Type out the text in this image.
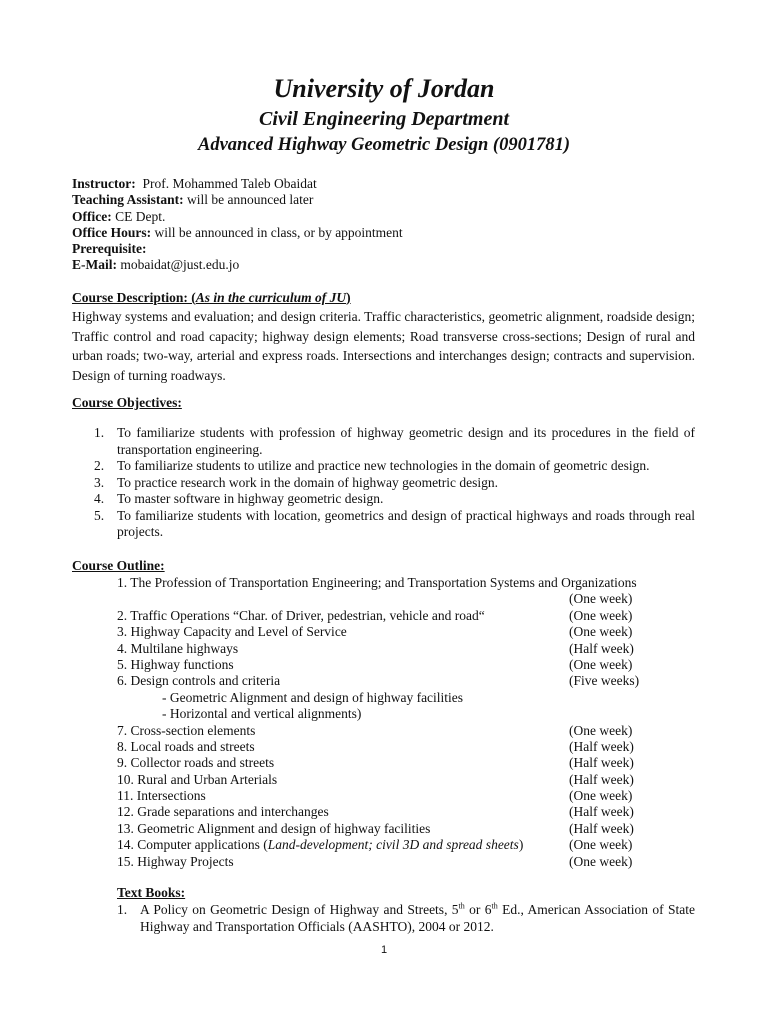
University of Jordan
Civil Engineering Department
Advanced Highway Geometric Design (0901781)
Instructor: Prof. Mohammed Taleb Obaidat
Teaching Assistant: will be announced later
Office: CE Dept.
Office Hours: will be announced in class, or by appointment
Prerequisite:
E-Mail: mobaidat@just.edu.jo
Course Description: (As in the curriculum of JU)

Highway systems and evaluation; and design criteria. Traffic characteristics, geometric alignment, roadside design; Traffic control and road capacity; highway design elements; Road transverse cross-sections; Design of rural and urban roads; two-way, arterial and express roads. Intersections and interchanges design; contracts and supervision. Design of turning roadways.

Course Objectives:
1. To familiarize students with profession of highway geometric design and its procedures in the field of transportation engineering.
2. To familiarize students to utilize and practice new technologies in the domain of geometric design.
3. To practice research work in the domain of highway geometric design.
4. To master software in highway geometric design.
5. To familiarize students with location, geometrics and design of practical highways and roads through real projects.
Course Outline:
1. The Profession of Transportation Engineering; and Transportation Systems and Organizations
(One week)
2. Traffic Operations “Char. of Driver, pedestrian, vehicle and road“	(One week)
3. Highway Capacity and Level of Service	(One week)
4. Multilane highways	(Half week)
5. Highway functions	(One week)
6. Design controls and criteria	(Five weeks)
- Geometric Alignment and design of highway facilities
- Horizontal and vertical alignments)
7. Cross-section elements	(One week)
8. Local roads and streets	(Half week)
9. Collector roads and streets	(Half week)
10. Rural and Urban Arterials	(Half week)
11. Intersections	(One week)
12. Grade separations and interchanges	(Half week)
13. Geometric Alignment and design of highway facilities	(Half week)
14. Computer applications (Land-development; civil 3D and spread sheets)	(One week)
15. Highway Projects	(One week)
Text Books:
1. A Policy on Geometric Design of Highway and Streets, 5th or 6th Ed., American Association of State Highway and Transportation Officials (AASHTO), 2004 or 2012.
1
